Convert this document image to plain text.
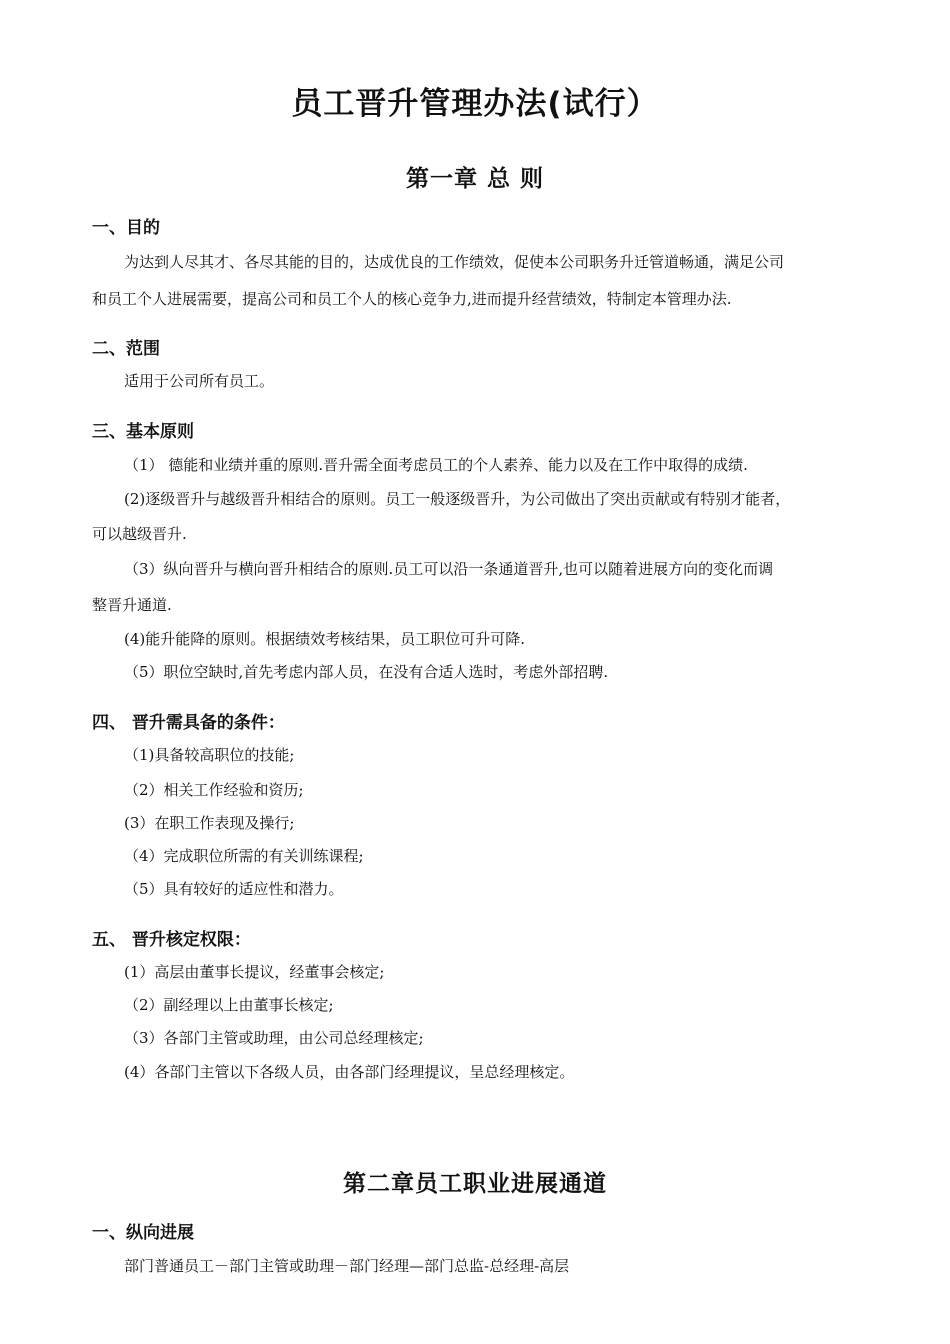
员工晋升管理办法(试行）
第一章 总 则
一、目的
为达到人尽其才、各尽其能的目的，达成优良的工作绩效，促使本公司职务升迁管道畅通，满足公司
和员工个人进展需要，提高公司和员工个人的核心竞争力,进而提升经营绩效，特制定本管理办法.
二、范围
适用于公司所有员工。
三、基本原则
（1） 德能和业绩并重的原则.晋升需全面考虑员工的个人素养、能力以及在工作中取得的成绩.
(2)逐级晋升与越级晋升相结合的原则。员工一般逐级晋升，为公司做出了突出贡献或有特别才能者，
可以越级晋升.
（3）纵向晋升与横向晋升相结合的原则.员工可以沿一条通道晋升,也可以随着进展方向的变化而调
整晋升通道.
(4)能升能降的原则。根据绩效考核结果，员工职位可升可降.
（5）职位空缺时,首先考虑内部人员，在没有合适人选时，考虑外部招聘.
四、 晋升需具备的条件：
（1)具备较高职位的技能;
（2）相关工作经验和资历;
(3）在职工作表现及操行;
（4）完成职位所需的有关训练课程;
（5）具有较好的适应性和潜力。
五、 晋升核定权限：
(1）高层由董事长提议，经董事会核定;
（2）副经理以上由董事长核定;
（3）各部门主管或助理，由公司总经理核定;
(4）各部门主管以下各级人员，由各部门经理提议，呈总经理核定。
第二章员工职业进展通道
一、纵向进展
部门普通员工－部门主管或助理－部门经理—部门总监-总经理-高层
